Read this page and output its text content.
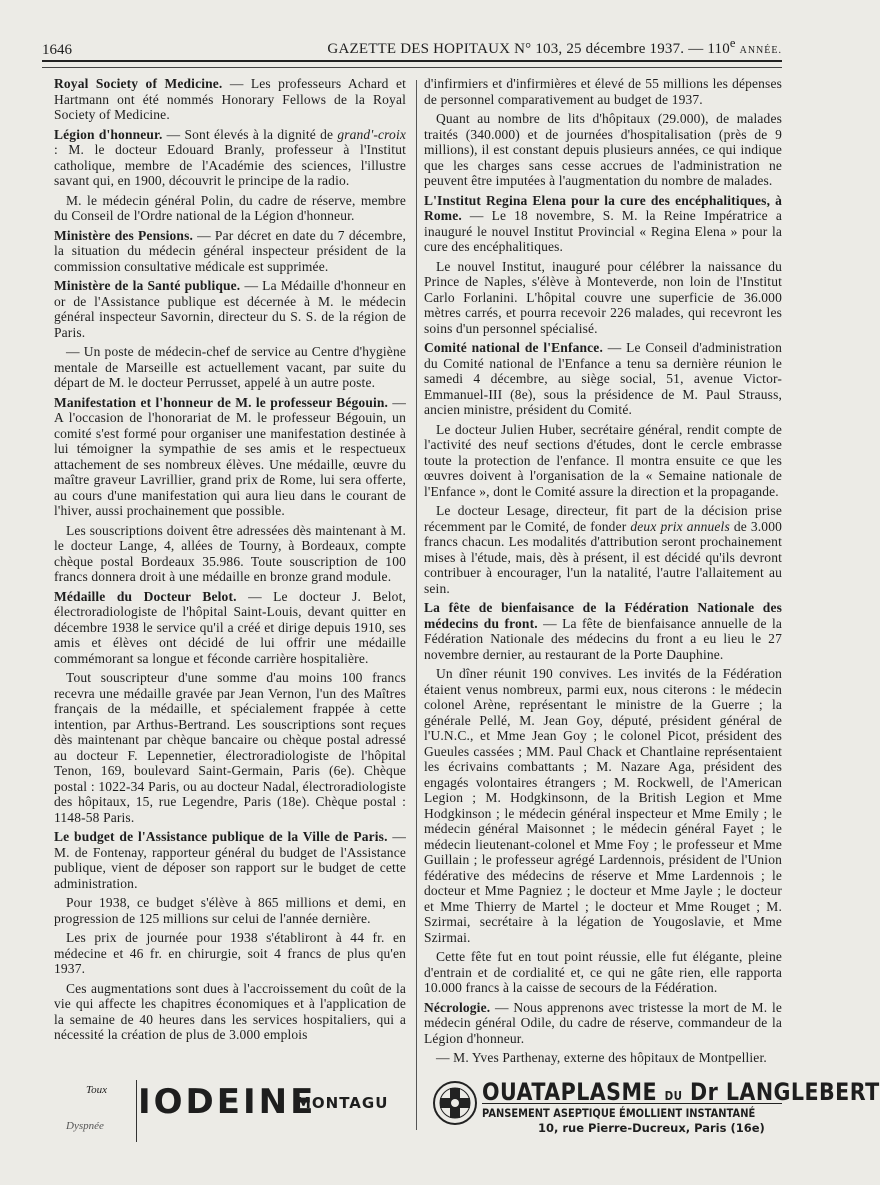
1646	GAZETTE DES HOPITAUX N° 103, 25 décembre 1937. — 110e ANNÉE.

Royal Society of Medicine. — Les professeurs Achard et Hartmann ont été nommés Honorary Fellows de la Royal Society of Medicine.

Légion d'honneur. — Sont élevés à la dignité de grand'-croix : M. le docteur Edouard Branly, professeur à l'Institut catholique, membre de l'Académie des sciences, l'illustre savant qui, en 1900, découvrit le principe de la radio.

M. le médecin général Polin, du cadre de réserve, membre du Conseil de l'Ordre national de la Légion d'honneur.

Ministère des Pensions. — Par décret en date du 7 décembre, la situation du médecin général inspecteur président de la commission consultative médicale est supprimée.

Ministère de la Santé publique. — La Médaille d'honneur en or de l'Assistance publique est décernée à M. le médecin général inspecteur Savornin, directeur du S. S. de la région de Paris.

— Un poste de médecin-chef de service au Centre d'hygiène mentale de Marseille est actuellement vacant, par suite du départ de M. le docteur Perrusset, appelé à un autre poste.

Manifestation et l'honneur de M. le professeur Bégouin. — A l'occasion de l'honorariat de M. le professeur Bégouin, un comité s'est formé pour organiser une manifestation destinée à lui témoigner la sympathie de ses amis et le respectueux attachement de ses nombreux élèves. Une médaille, œuvre du maître graveur Lavrillier, grand prix de Rome, lui sera offerte, au cours d'une manifestation qui aura lieu dans le courant de l'hiver, aussi prochainement que possible.

Les souscriptions doivent être adressées dès maintenant à M. le docteur Lange, 4, allées de Tourny, à Bordeaux, compte chèque postal Bordeaux 35.986. Toute souscription de 100 francs donnera droit à une médaille en bronze grand module.

Médaille du Docteur Belot. — Le docteur J. Belot, électroradiologiste de l'hôpital Saint-Louis, devant quitter en décembre 1938 le service qu'il a créé et dirige depuis 1910, ses amis et élèves ont décidé de lui offrir une médaille commémorant sa longue et féconde carrière hospitalière.

Tout souscripteur d'une somme d'au moins 100 francs recevra une médaille gravée par Jean Vernon, l'un des Maîtres français de la médaille, et spécialement frappée à cette intention, par Arthus-Bertrand. Les souscriptions sont reçues dès maintenant par chèque bancaire ou chèque postal adressé au docteur F. Lepennetier, électroradiologiste de l'hôpital Tenon, 169, boulevard Saint-Germain, Paris (6e). Chèque postal : 1022-34 Paris, ou au docteur Nadal, électroradiologiste des hôpitaux, 15, rue Legendre, Paris (18e). Chèque postal : 1148-58 Paris.

Le budget de l'Assistance publique de la Ville de Paris. — M. de Fontenay, rapporteur général du budget de l'Assistance publique, vient de déposer son rapport sur le budget de cette administration.

Pour 1938, ce budget s'élève à 865 millions et demi, en progression de 125 millions sur celui de l'année dernière.

Les prix de journée pour 1938 s'établiront à 44 fr. en médecine et 46 fr. en chirurgie, soit 4 francs de plus qu'en 1937.

Ces augmentations sont dues à l'accroissement du coût de la vie qui affecte les chapitres économiques et à l'application de la semaine de 40 heures dans les services hospitaliers, qui a nécessité la création de plus de 3.000 emplois

d'infirmiers et d'infirmières et élevé de 55 millions les dépenses de personnel comparativement au budget de 1937.

Quant au nombre de lits d'hôpitaux (29.000), de malades traités (340.000) et de journées d'hospitalisation (près de 9 millions), il est constant depuis plusieurs années, ce qui indique que les charges sans cesse accrues de l'administration ne peuvent être imputées à l'augmentation du nombre de malades.

L'Institut Regina Elena pour la cure des encéphalitiques, à Rome. — Le 18 novembre, S. M. la Reine Impératrice a inauguré le nouvel Institut Provincial « Regina Elena » pour la cure des encéphalitiques.

Le nouvel Institut, inauguré pour célébrer la naissance du Prince de Naples, s'élève à Monteverde, non loin de l'Institut Carlo Forlanini. L'hôpital couvre une superficie de 36.000 mètres carrés, et pourra recevoir 226 malades, qui recevront les soins d'un personnel spécialisé.

Comité national de l'Enfance. — Le Conseil d'administration du Comité national de l'Enfance a tenu sa dernière réunion le samedi 4 décembre, au siège social, 51, avenue Victor-Emmanuel-III (8e), sous la présidence de M. Paul Strauss, ancien ministre, président du Comité.

Le docteur Julien Huber, secrétaire général, rendit compte de l'activité des neuf sections d'études, dont le cercle embrasse toute la protection de l'enfance. Il montra ensuite ce que les œuvres doivent à l'organisation de la « Semaine nationale de l'Enfance », dont le Comité assure la direction et la propagande.

Le docteur Lesage, directeur, fit part de la décision prise récemment par le Comité, de fonder deux prix annuels de 3.000 francs chacun. Les modalités d'attribution seront prochainement mises à l'étude, mais, dès à présent, il est décidé qu'ils devront contribuer à encourager, l'un la natalité, l'autre l'allaitement au sein.

La fête de bienfaisance de la Fédération Nationale des médecins du front. — La fête de bienfaisance annuelle de la Fédération Nationale des médecins du front a eu lieu le 27 novembre dernier, au restaurant de la Porte Dauphine.

Un dîner réunit 190 convives. Les invités de la Fédération étaient venus nombreux, parmi eux, nous citerons : le médecin colonel Arène, représentant le ministre de la Guerre ; la générale Pellé, M. Jean Goy, député, président général de l'U.N.C., et Mme Jean Goy ; le colonel Picot, président des Gueules cassées ; MM. Paul Chack et Chantlaine représentaient les écrivains combattants ; M. Nazare Aga, président des engagés volontaires étrangers ; M. Rockwell, de l'American Legion ; M. Hodgkinsonn, de la British Legion et Mme Hodgkinson ; le médecin général inspecteur et Mme Emily ; le médecin général Maisonnet ; le médecin général Fayet ; le médecin lieutenant-colonel et Mme Foy ; le professeur et Mme Guillain ; le professeur agrégé Lardennois, président de l'Union fédérative des médecins de réserve et Mme Lardennois ; le docteur et Mme Pagniez ; le docteur et Mme Jayle ; le docteur et Mme Thierry de Martel ; le docteur et Mme Rouget ; M. Szirmai, secrétaire à la légation de Yougoslavie, et Mme Szirmai.

Cette fête fut en tout point réussie, elle fut élégante, pleine d'entrain et de cordialité et, ce qui ne gâte rien, elle rapporta 10.000 francs à la caisse de secours de la Fédération.

Nécrologie. — Nous apprenons avec tristesse la mort de M. le médecin général Odile, du cadre de réserve, commandeur de la Légion d'honneur.

— M. Yves Parthenay, externe des hôpitaux de Montpellier.

Toux
Dyspnée
IODEINE
MONTAGU	OUATAPLASME DU Dr LANGLEBERT
PANSEMENT ASEPTIQUE ÉMOLLIENT INSTANTANÉ
10, rue Pierre-Ducreux, Paris (16e)
